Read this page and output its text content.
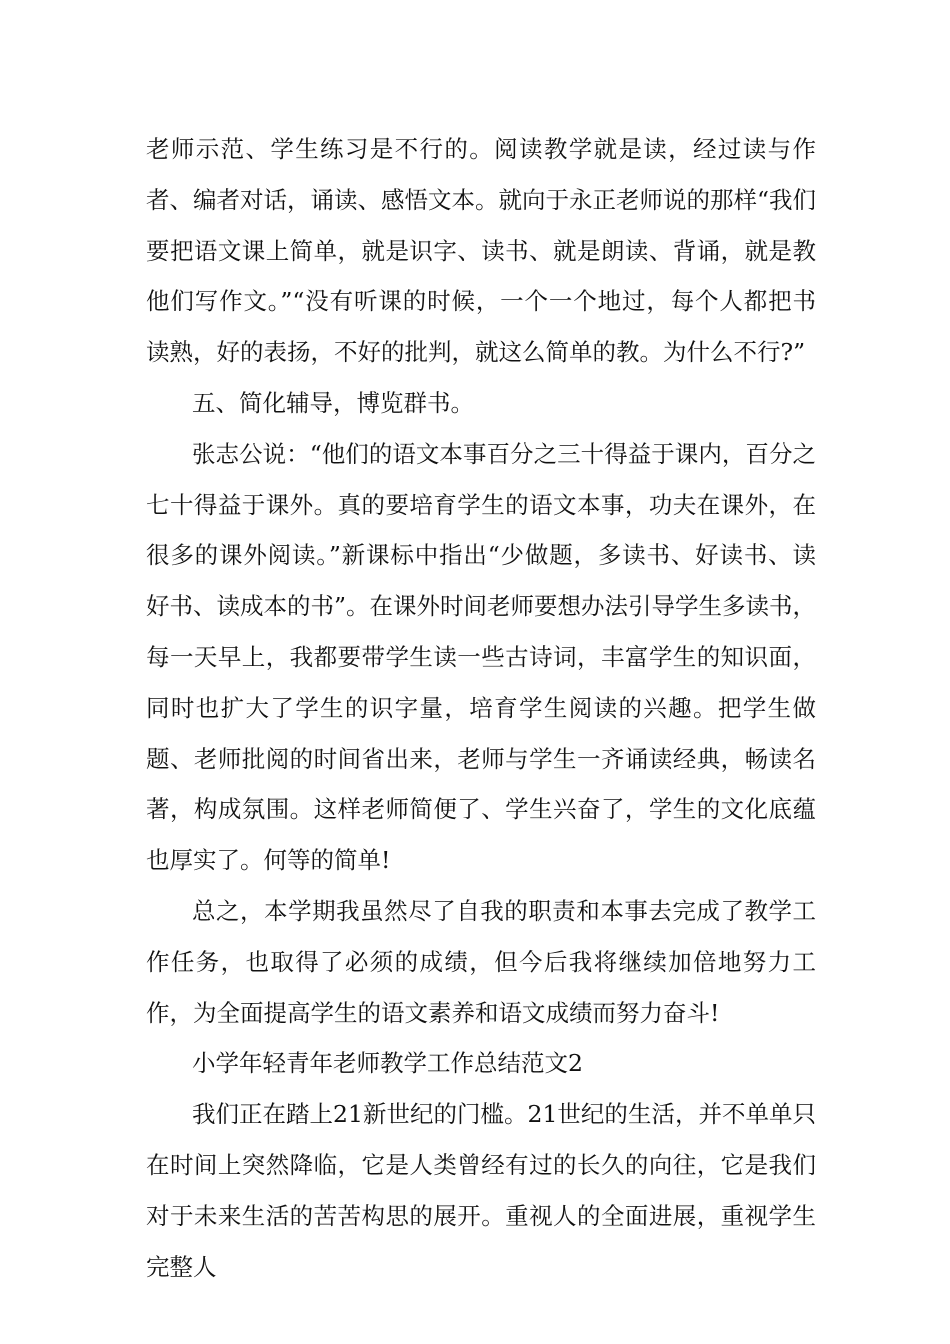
老师示范、学生练习是不行的。阅读教学就是读，经过读与作者、编者对话，诵读、感悟文本。就向于永正老师说的那样“我们要把语文课上简单，就是识字、读书、就是朗读、背诵，就是教他们写作文。”“没有听课的时候，一个一个地过，每个人都把书读熟，好的表扬，不好的批判，就这么简单的教。为什么不行?”

五、简化辅导，博览群书。

张志公说：“他们的语文本事百分之三十得益于课内，百分之七十得益于课外。真的要培育学生的语文本事，功夫在课外，在很多的课外阅读。”新课标中指出“少做题，多读书、好读书、读好书、读成本的书”。在课外时间老师要想办法引导学生多读书，每一天早上，我都要带学生读一些古诗词，丰富学生的知识面，同时也扩大了学生的识字量，培育学生阅读的兴趣。把学生做题、老师批阅的时间省出来，老师与学生一齐诵读经典，畅读名著，构成氛围。这样老师简便了、学生兴奋了，学生的文化底蕴也厚实了。何等的简单!

总之，本学期我虽然尽了自我的职责和本事去完成了教学工作任务，也取得了必须的成绩，但今后我将继续加倍地努力工作，为全面提高学生的语文素养和语文成绩而努力奋斗!

小学年轻青年老师教学工作总结范文2

我们正在踏上21新世纪的门槛。21世纪的生活，并不单单只在时间上突然降临，它是人类曾经有过的长久的向往，它是我们对于未来生活的苦苦构思的展开。重视人的全面进展，重视学生完整人
